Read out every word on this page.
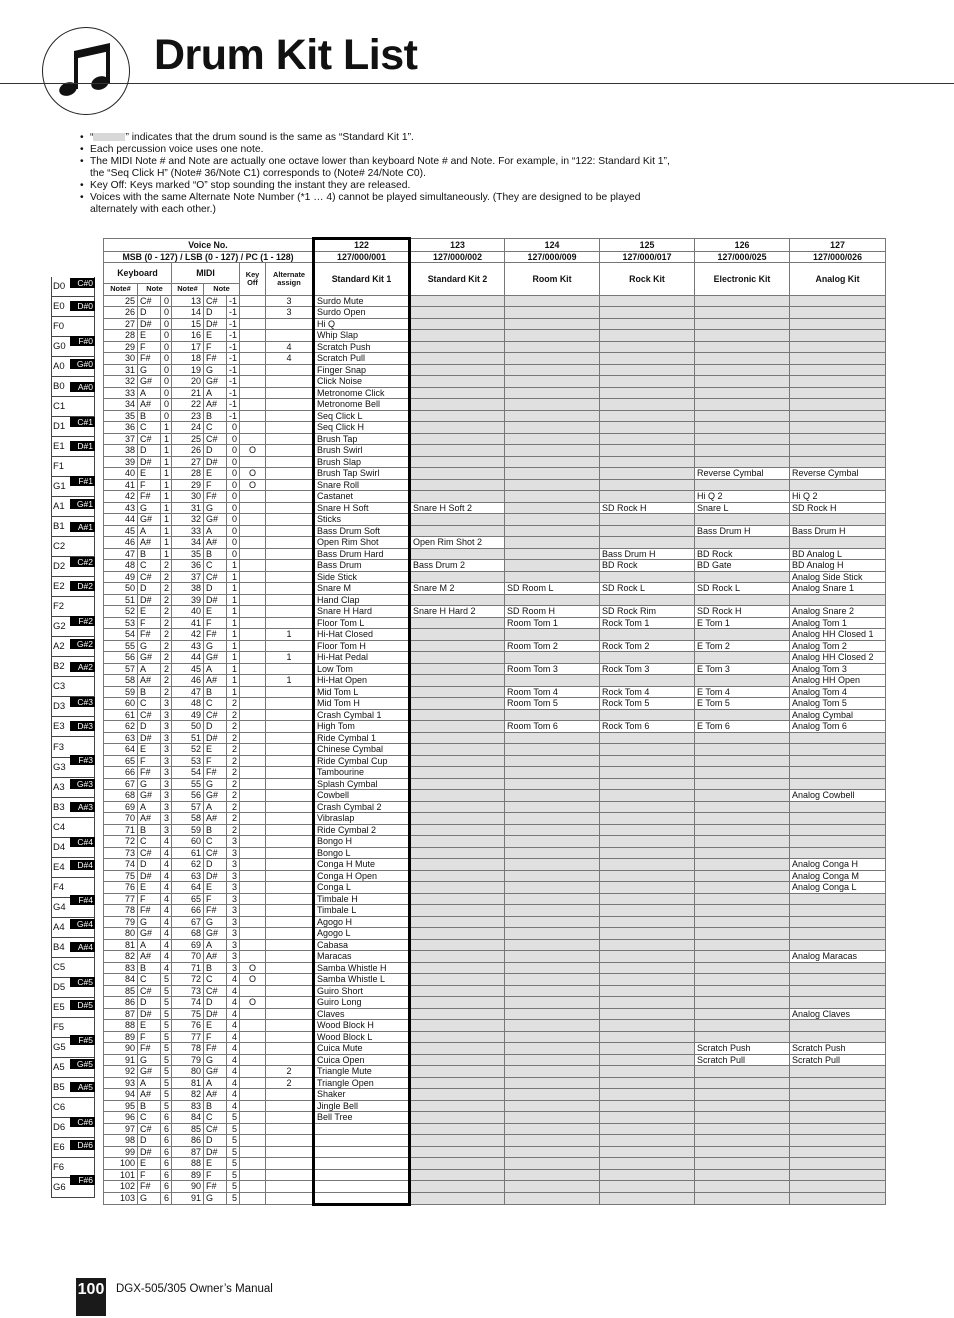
Drum Kit List
• “	” indicates that the drum sound is the same as “Standard Kit 1”.
• Each percussion voice uses one note.
• The MIDI Note # and Note are actually one octave lower than keyboard Note # and Note. For example, in “122: Standard Kit 1”, the “Seq Click H” (Note# 36/Note C1) corresponds to (Note# 24/Note C0).
• Key Off: Keys marked “O” stop sounding the instant they are released.
• Voices with the same Alternate Note Number (*1 … 4) cannot be played simultaneously. (They are designed to be played alternately with each other.)
D0
E0
F0
G0
A0
B0
C1
D1
E1
F1
G1
A1
B1
C2
D2
E2
F2
G2
A2
B2
C3
D3
E3
F3
G3
A3
B3
C4
D4
E4
F4
G4
A4
B4
C5
D5
E5
F5
G5
A5
B5
C6
D6
E6
F6
G6
C#0
D#0
F#0
G#0
A#0
C#1
D#1
F#1
G#1
A#1
C#2
D#2
F#2
G#2
A#2
C#3
D#3
F#3
G#3
A#3
C#4
D#4
F#4
G#4
A#4
C#5
D#5
F#5
G#5
A#5
C#6
D#6
F#6
Voice No.								122	123	124	125	126	127
MSB (0 - 127) / LSB (0 - 127) / PC (1 - 128)								127/000/001	127/000/002	127/000/009	127/000/017	127/000/025	127/000/026
Keyboard			MIDI			Key Off	Alternate assign	Standard Kit 1	Standard Kit 2	Room Kit	Rock Kit	Electronic Kit	Analog Kit
Note#	Note		Note#	Note									
25	C#	0	13	C#	-1		3	Surdo Mute					
26	D	0	14	D	-1		3	Surdo Open					
27	D#	0	15	D#	-1			Hi Q					
28	E	0	16	E	-1			Whip Slap					
29	F	0	17	F	-1		4	Scratch Push					
30	F#	0	18	F#	-1		4	Scratch Pull					
31	G	0	19	G	-1			Finger Snap					
32	G#	0	20	G#	-1			Click Noise					
33	A	0	21	A	-1			Metronome Click					
34	A#	0	22	A#	-1			Metronome Bell					
35	B	0	23	B	-1			Seq Click L					
36	C	1	24	C	0			Seq Click H					
37	C#	1	25	C#	0			Brush Tap					
38	D	1	26	D	0	O		Brush Swirl					
39	D#	1	27	D#	0			Brush Slap					
40	E	1	28	E	0	O		Brush Tap Swirl				Reverse Cymbal	Reverse Cymbal
41	F	1	29	F	0	O		Snare Roll					
42	F#	1	30	F#	0			Castanet				Hi Q 2	Hi Q 2
43	G	1	31	G	0			Snare H Soft	Snare H Soft 2		SD Rock H	Snare L	SD Rock H
44	G#	1	32	G#	0			Sticks					
45	A	1	33	A	0			Bass Drum Soft				Bass Drum H	Bass Drum H
46	A#	1	34	A#	0			Open Rim Shot	Open Rim Shot 2				
47	B	1	35	B	0			Bass Drum Hard			Bass Drum H	BD Rock	BD Analog L
48	C	2	36	C	1			Bass Drum	Bass Drum 2		BD Rock	BD Gate	BD Analog H
49	C#	2	37	C#	1			Side Stick					Analog Side Stick
50	D	2	38	D	1			Snare M	Snare M 2	SD Room L	SD Rock L	SD Rock L	Analog Snare 1
51	D#	2	39	D#	1			Hand Clap					
52	E	2	40	E	1			Snare H Hard	Snare H Hard 2	SD Room H	SD Rock Rim	SD Rock H	Analog Snare 2
53	F	2	41	F	1			Floor Tom L		Room Tom 1	Rock Tom 1	E Tom 1	Analog Tom 1
54	F#	2	42	F#	1		1	Hi-Hat Closed					Analog HH Closed 1
55	G	2	43	G	1			Floor Tom H		Room Tom 2	Rock Tom 2	E Tom 2	Analog Tom 2
56	G#	2	44	G#	1		1	Hi-Hat Pedal					Analog HH Closed 2
57	A	2	45	A	1			Low Tom		Room Tom 3	Rock Tom 3	E Tom 3	Analog Tom 3
58	A#	2	46	A#	1		1	Hi-Hat Open					Analog HH Open
59	B	2	47	B	1			Mid Tom L		Room Tom 4	Rock Tom 4	E Tom 4	Analog Tom 4
60	C	3	48	C	2			Mid Tom H		Room Tom 5	Rock Tom 5	E Tom 5	Analog Tom 5
61	C#	3	49	C#	2			Crash Cymbal 1					Analog Cymbal
62	D	3	50	D	2			High Tom		Room Tom 6	Rock Tom 6	E Tom 6	Analog Tom 6
63	D#	3	51	D#	2			Ride Cymbal 1					
64	E	3	52	E	2			Chinese Cymbal					
65	F	3	53	F	2			Ride Cymbal Cup					
66	F#	3	54	F#	2			Tambourine					
67	G	3	55	G	2			Splash Cymbal					
68	G#	3	56	G#	2			Cowbell					Analog Cowbell
69	A	3	57	A	2			Crash Cymbal 2					
70	A#	3	58	A#	2			Vibraslap					
71	B	3	59	B	2			Ride Cymbal 2					
72	C	4	60	C	3			Bongo H					
73	C#	4	61	C#	3			Bongo L					
74	D	4	62	D	3			Conga H Mute					Analog Conga H
75	D#	4	63	D#	3			Conga H Open					Analog Conga M
76	E	4	64	E	3			Conga L					Analog Conga L
77	F	4	65	F	3			Timbale H					
78	F#	4	66	F#	3			Timbale L					
79	G	4	67	G	3			Agogo H					
80	G#	4	68	G#	3			Agogo L					
81	A	4	69	A	3			Cabasa					
82	A#	4	70	A#	3			Maracas					Analog Maracas
83	B	4	71	B	3	O		Samba Whistle H					
84	C	5	72	C	4	O		Samba Whistle L					
85	C#	5	73	C#	4			Guiro Short					
86	D	5	74	D	4	O		Guiro Long					
87	D#	5	75	D#	4			Claves					Analog Claves
88	E	5	76	E	4			Wood Block H					
89	F	5	77	F	4			Wood Block L					
90	F#	5	78	F#	4			Cuica Mute				Scratch Push	Scratch Push
91	G	5	79	G	4			Cuica Open				Scratch Pull	Scratch Pull
92	G#	5	80	G#	4		2	Triangle Mute					
93	A	5	81	A	4		2	Triangle Open					
94	A#	5	82	A#	4			Shaker					
95	B	5	83	B	4			Jingle Bell					
96	C	6	84	C	5			Bell Tree					
97	C#	6	85	C#	5								
98	D	6	86	D	5								
99	D#	6	87	D#	5								
100	E	6	88	E	5								
101	F	6	89	F	5								
102	F#	6	90	F#	5								
103	G	6	91	G	5								
100 DGX-505/305 Owner’s Manual
